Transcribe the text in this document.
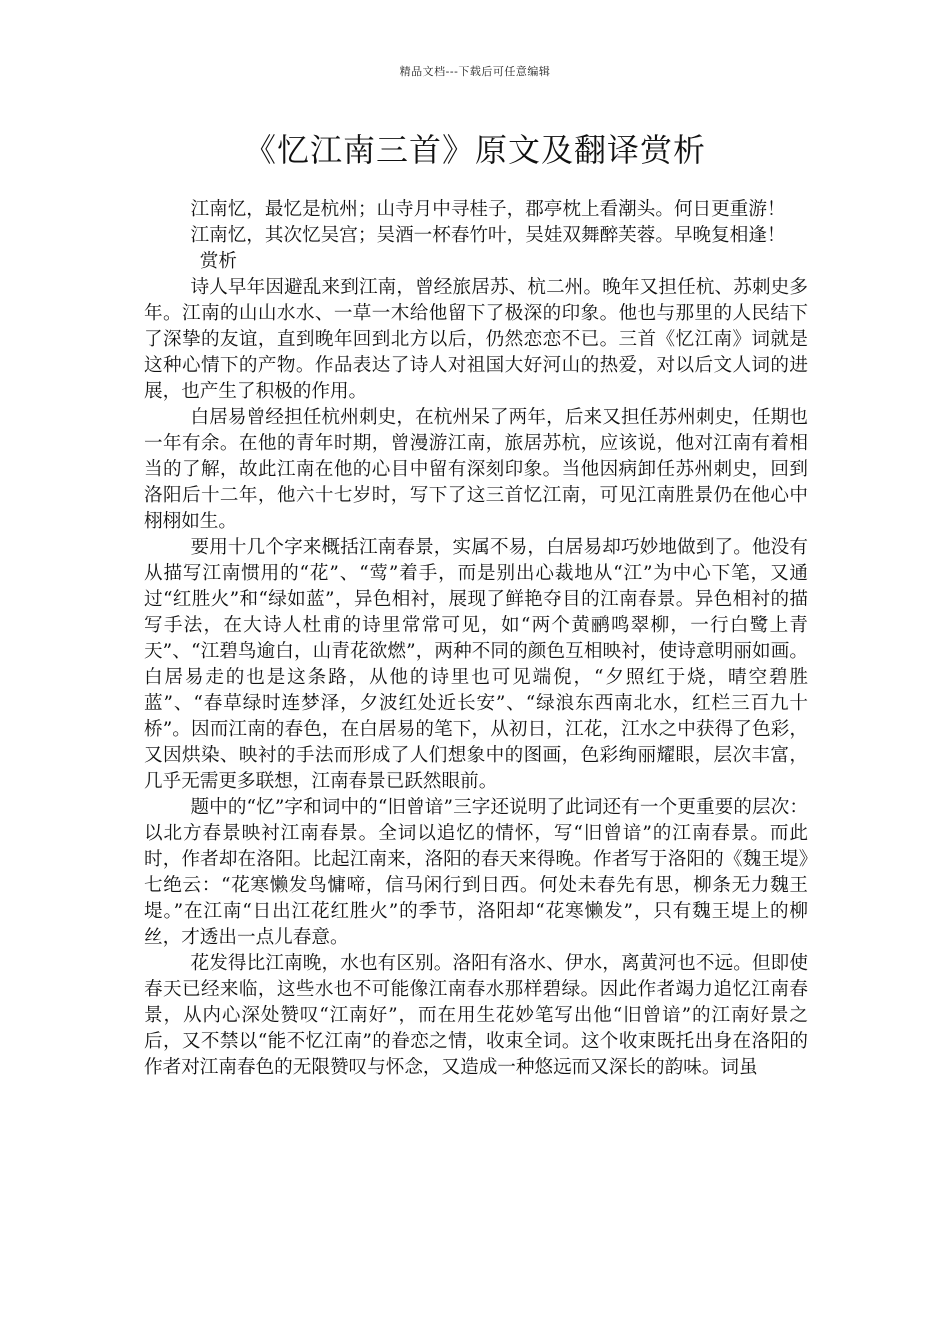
精品文档---下载后可任意编辑
《忆江南三首》原文及翻译赏析

江南忆，最忆是杭州；山寺月中寻桂子，郡亭枕上看潮头。何日更重游！

江南忆，其次忆吴宫；吴酒一杯春竹叶，吴娃双舞醉芙蓉。早晚复相逢！

赏析

诗人早年因避乱来到江南，曾经旅居苏、杭二州。晚年又担任杭、苏刺史多年。江南的山山水水、一草一木给他留下了极深的印象。他也与那里的人民结下了深挚的友谊，直到晚年回到北方以后，仍然恋恋不已。三首《忆江南》词就是这种心情下的产物。作品表达了诗人对祖国大好河山的热爱，对以后文人词的进展，也产生了积极的作用。

白居易曾经担任杭州刺史，在杭州呆了两年，后来又担任苏州刺史，任期也一年有余。在他的青年时期，曾漫游江南，旅居苏杭，应该说，他对江南有着相当的了解，故此江南在他的心目中留有深刻印象。当他因病卸任苏州刺史，回到洛阳后十二年，他六十七岁时，写下了这三首忆江南，可见江南胜景仍在他心中栩栩如生。

要用十几个字来概括江南春景，实属不易，白居易却巧妙地做到了。他没有从描写江南惯用的“花”、“莺”着手，而是别出心裁地从“江”为中心下笔，又通过“红胜火”和“绿如蓝”，异色相衬，展现了鲜艳夺目的江南春景。异色相衬的描写手法，在大诗人杜甫的诗里常常可见，如“两个黄鹂鸣翠柳，一行白鹭上青天”、“江碧鸟逾白，山青花欲燃”，两种不同的颜色互相映衬，使诗意明丽如画。白居易走的也是这条路，从他的诗里也可见端倪，“夕照红于烧，晴空碧胜蓝”、“春草绿时连梦泽，夕波红处近长安”、“绿浪东西南北水，红栏三百九十桥”。因而江南的春色，在白居易的笔下，从初日，江花，江水之中获得了色彩，又因烘染、映衬的手法而形成了人们想象中的图画，色彩绚丽耀眼，层次丰富，几乎无需更多联想，江南春景已跃然眼前。

题中的“忆”字和词中的“旧曾谙”三字还说明了此词还有一个更重要的层次：以北方春景映衬江南春景。全词以追忆的情怀，写“旧曾谙”的江南春景。而此时，作者却在洛阳。比起江南来，洛阳的春天来得晚。作者写于洛阳的《魏王堤》七绝云：“花寒懒发鸟慵啼，信马闲行到日西。何处未春先有思，柳条无力魏王堤。”在江南“日出江花红胜火”的季节，洛阳却“花寒懒发”，只有魏王堤上的柳丝，才透出一点儿春意。

花发得比江南晚，水也有区别。洛阳有洛水、伊水，离黄河也不远。但即使春天已经来临，这些水也不可能像江南春水那样碧绿。因此作者竭力追忆江南春景，从内心深处赞叹“江南好”，而在用生花妙笔写出他“旧曾谙”的江南好景之后，又不禁以“能不忆江南”的眷恋之情，收束全词。这个收束既托出身在洛阳的作者对江南春色的无限赞叹与怀念，又造成一种悠远而又深长的韵味。词虽
